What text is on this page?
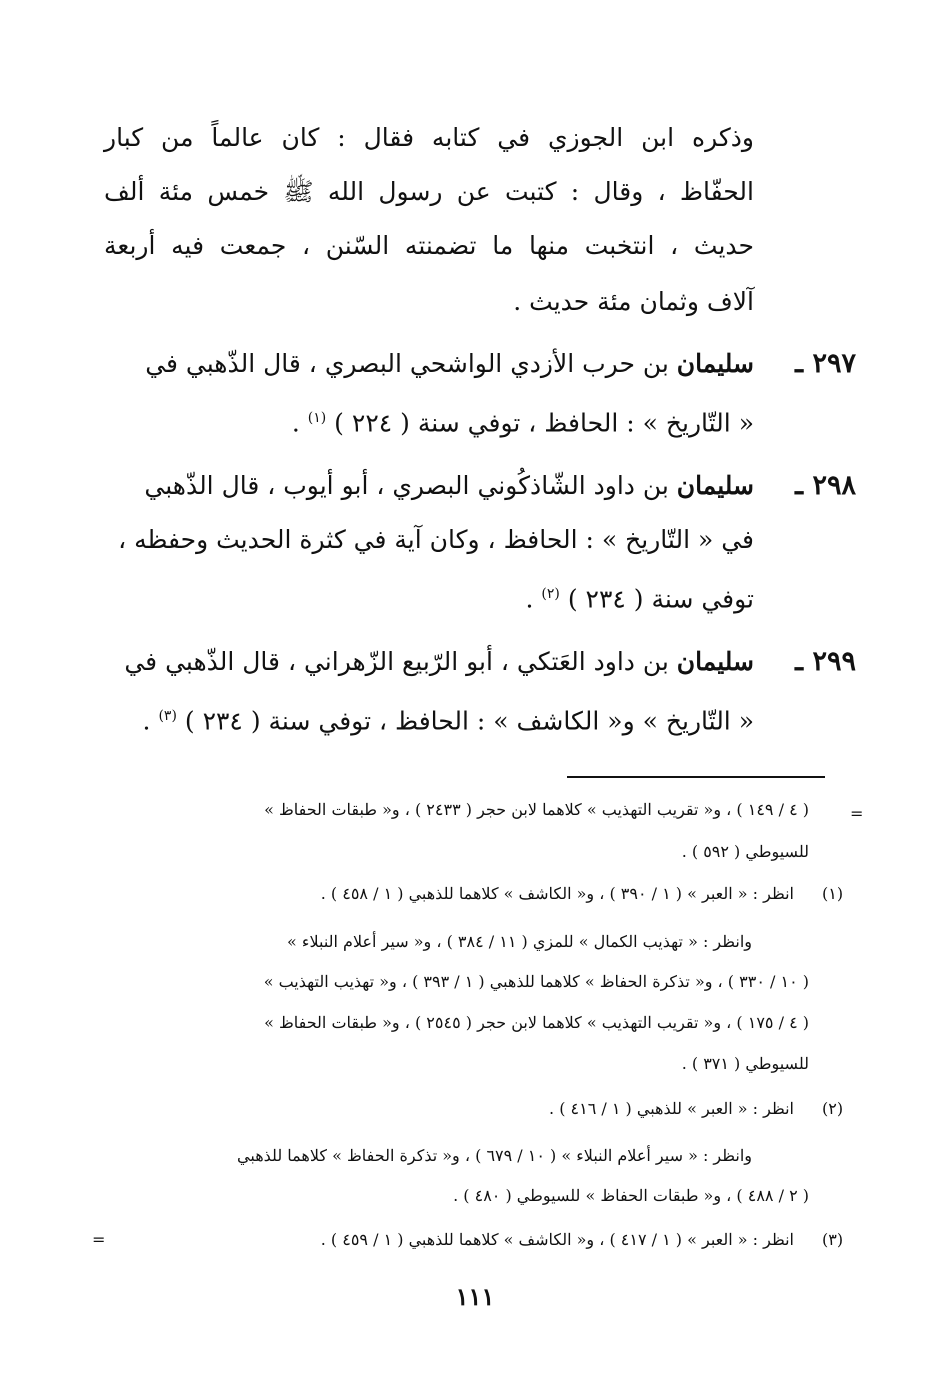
وذكره ابن الجوزي في كتابه فقال : كان عالماً من كبار
الحفّاظ ، وقال : كتبت عن رسول الله ﷺ خمس مئة ألف
حديث ، انتخبت منها ما تضمنته السّنن ، جمعت فيه أربعة
آلاف وثمان مئة حديث .
٢٩٧ ـ
سليمان بن حرب الأزدي الواشحي البصري ، قال الذّهبي في
« التّاريخ » : الحافظ ، توفي سنة ( ٢٢٤ ) $^{(١)}$ .
٢٩٨ ـ
سليمان بن داود الشّاذكُوني البصري ، أبو أيوب ، قال الذّهبي
في « التّاريخ » : الحافظ ، وكان آية في كثرة الحديث وحفظه ،
توفي سنة ( ٢٣٤ ) $^{(٢)}$ .
٢٩٩ ـ
سليمان بن داود العَتكي ، أبو الرّبيع الزّهراني ، قال الذّهبي في
« التّاريخ » و« الكاشف » : الحافظ ، توفي سنة ( ٢٣٤ ) $^{(٣)}$ .
=
( ٤ / ١٤٩ ) ، و« تقريب التهذيب » كلاهما لابن حجر ( ٢٤٣٣ ) ، و« طبقات الحفاظ »
للسيوطي ( ٥٩٢ ) .
(١)
انظر : « العبر » ( ١ / ٣٩٠ ) ، و« الكاشف » كلاهما للذهبي ( ١ / ٤٥٨ ) .
وانظر : « تهذيب الكمال » للمزي ( ١١ / ٣٨٤ ) ، و« سير أعلام النبلاء »
( ١٠ / ٣٣٠ ) ، و« تذكرة الحفاظ » كلاهما للذهبي ( ١ / ٣٩٣ ) ، و« تهذيب التهذيب »
( ٤ / ١٧٥ ) ، و« تقريب التهذيب » كلاهما لابن حجر ( ٢٥٤٥ ) ، و« طبقات الحفاظ »
للسيوطي ( ٣٧١ ) .
(٢)
انظر : « العبر » للذهبي ( ١ / ٤١٦ ) .
وانظر : « سير أعلام النبلاء » ( ١٠ / ٦٧٩ ) ، و« تذكرة الحفاظ » كلاهما للذهبي
( ٢ / ٤٨٨ ) ، و« طبقات الحفاظ » للسيوطي ( ٤٨٠ ) .
(٣)
انظر : « العبر » ( ١ / ٤١٧ ) ، و« الكاشف » كلاهما للذهبي ( ١ / ٤٥٩ ) .
=
١١١
